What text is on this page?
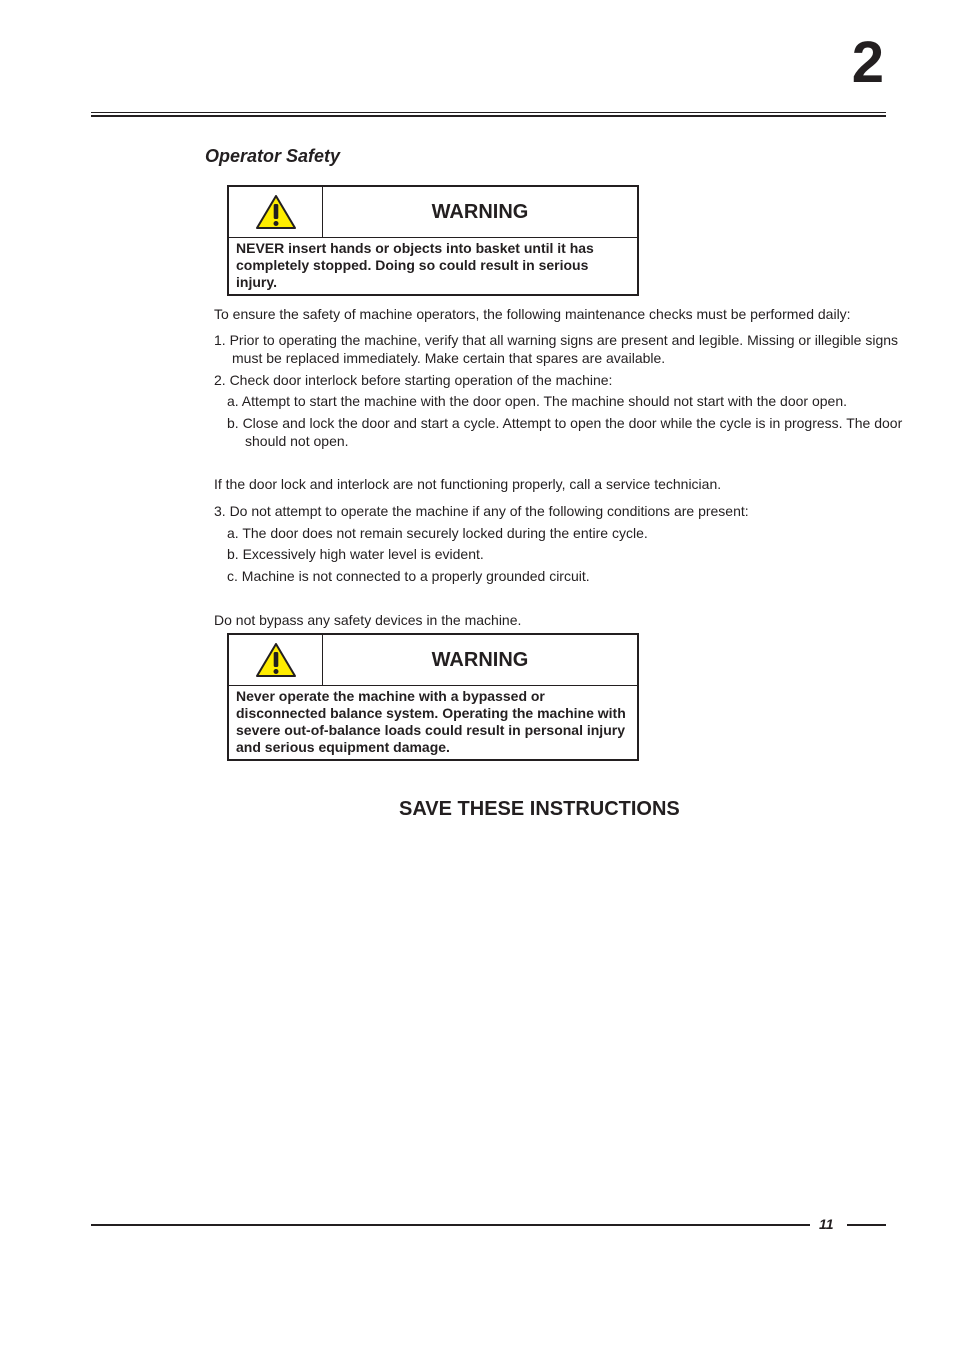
2
Operator Safety
WARNING
NEVER insert hands or objects into basket until it has completely stopped. Doing so could result in serious injury.

To ensure the safety of machine operators, the following maintenance checks must be performed daily:

1. Prior to operating the machine, verify that all warning signs are present and legible. Missing or illegible signs must be replaced immediately. Make certain that spares are available.

2. Check door interlock before starting operation of the machine:

a. Attempt to start the machine with the door open. The machine should not start with the door open.

b. Close and lock the door and start a cycle. Attempt to open the door while the cycle is in progress. The door should not open.

If the door lock and interlock are not functioning properly, call a service technician.

3. Do not attempt to operate the machine if any of the following conditions are present:

a. The door does not remain securely locked during the entire cycle.

b. Excessively high water level is evident.

c. Machine is not connected to a properly grounded circuit.

Do not bypass any safety devices in the machine.

WARNING
Never operate the machine with a bypassed or disconnected balance system. Operating the machine with severe out-of-balance loads could result in personal injury and serious equipment damage.
SAVE THESE INSTRUCTIONS
11
